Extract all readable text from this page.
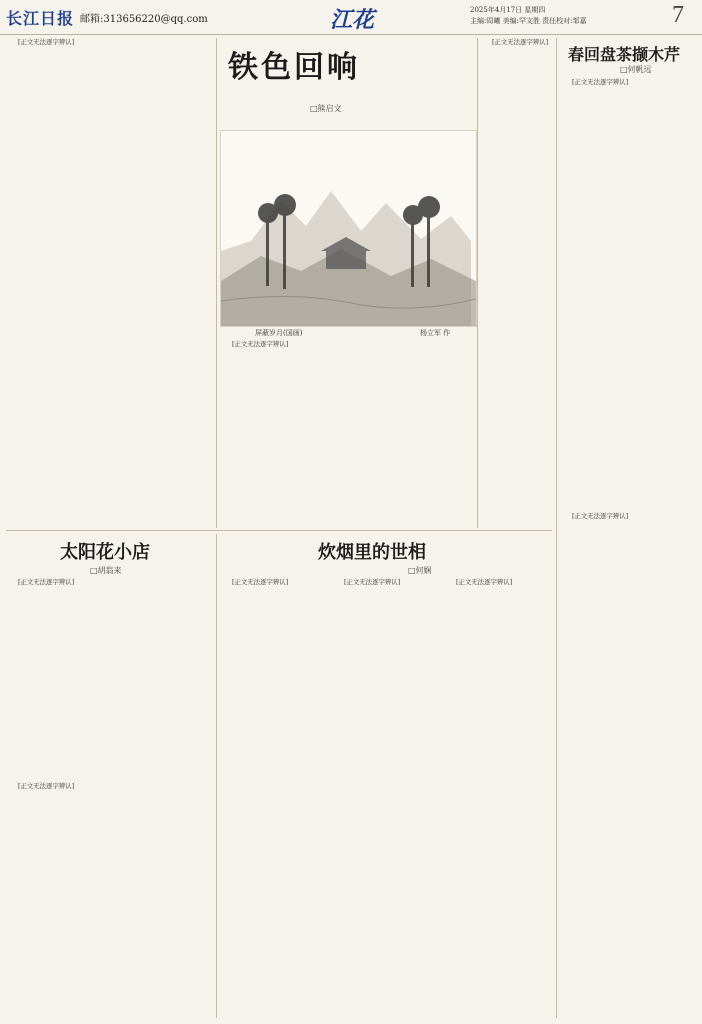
长江日报 邮箱:313656220@qq.com	江花	2025年4月17日 星期四
主编:周曦 美编:罕文胜 责任校对:邹嘉	7

[正文无法逐字辨认]

铁色回响
□熊启文

屏蔽岁月(国画)	杨立军 作

[正文无法逐字辨认]

[正文无法逐字辨认]

春回盘茶撷木芹
□何帆远

[正文无法逐字辨认]

[正文无法逐字辨认]

太阳花小店
□胡翁来

[正文无法逐字辨认]

[正文无法逐字辨认]

炊烟里的世相
□何娴

[正文无法逐字辨认]	[正文无法逐字辨认]	[正文无法逐字辨认]
